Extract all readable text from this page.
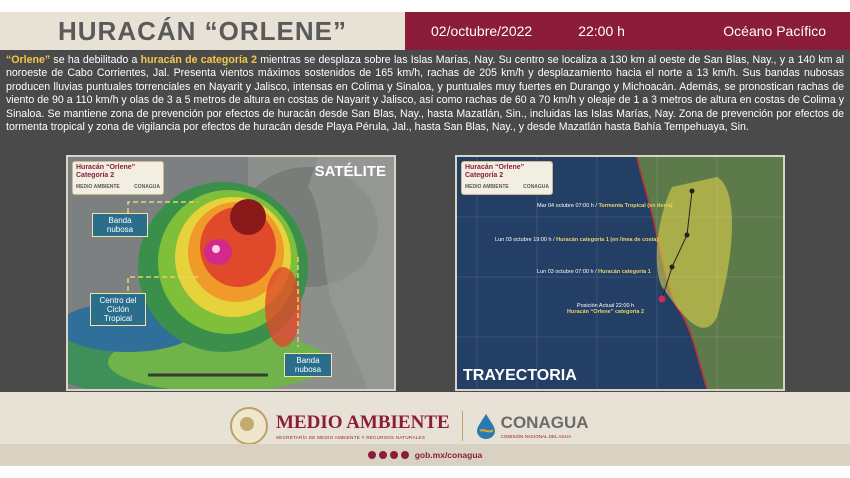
HURACÁN “ORLENE”	02/octubre/2022	22:00 h	Océano Pacífico
“Orlene” se ha debilitado a huracán de categoría 2 mientras se desplaza sobre las Islas Marías, Nay. Su centro se localiza a 130 km al oeste de San Blas, Nay., y a 140 km al noroeste de Cabo Corrientes, Jal. Presenta vientos máximos sostenidos de 165 km/h, rachas de 205 km/h y desplazamiento hacia el norte a 13 km/h. Sus bandas nubosas producen lluvias puntuales torrenciales en Nayarit y Jalisco, intensas en Colima y Sinaloa, y puntuales muy fuertes en Durango y Michoacán. Además, se pronostican rachas de viento de 90 a 110 km/h y olas de 3 a 5 metros de altura en costas de Nayarit y Jalisco, así como rachas de 60 a 70 km/h y oleaje de 1 a 3 metros de altura en costas de Colima y Sinaloa. Se mantiene zona de prevención por efectos de huracán desde San Blas, Nay., hasta Mazatlán, Sin., incluidas las Islas Marías, Nay. Zona de prevención por efectos de tormenta tropical y zona de vigilancia por efectos de huracán desde Playa Pérula, Jal., hasta San Blas, Nay., y desde Mazatlán hasta Bahía Tempehuaya, Sin.
Huracán “Orlene”
Categoría 2
MEDIO AMBIENTE	CONAGUA
SATÉLITE
Banda nubosa
Centro del Ciclón Tropical
Banda nubosa
Huracán “Orlene”
Categoría 2
MEDIO AMBIENTE	CONAGUA
Mar 04 octubre 07:00 h / Tormenta Tropical (en tierra)
Lun 03 octubre 19:00 h / Huracán categoría 1 (en línea de costa)
Lun 03 octubre 07:00 h / Huracán categoría 1
Posición Actual 22:00 h
Huracán “Orlene” categoría 2
TRAYECTORIA
MEDIO AMBIENTE
SECRETARÍA DE MEDIO AMBIENTE Y RECURSOS NATURALES
CONAGUA
COMISIÓN NACIONAL DEL AGUA
gob.mx/conagua
